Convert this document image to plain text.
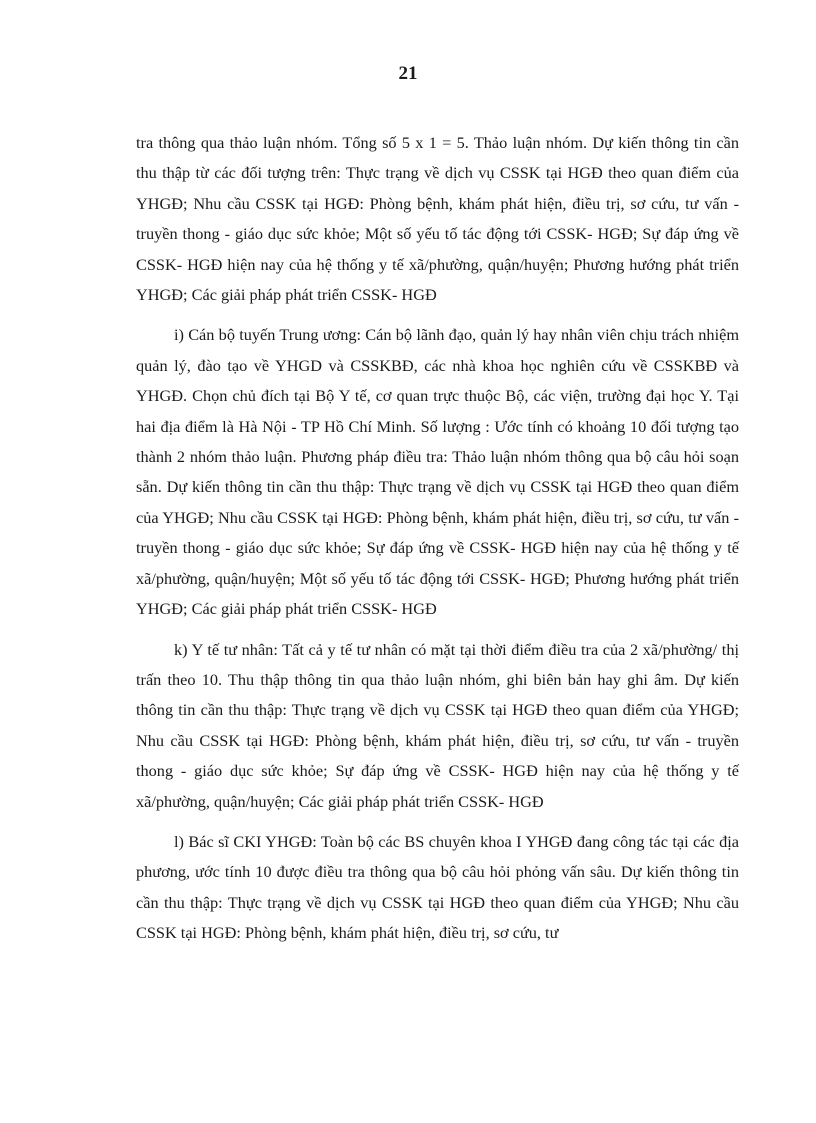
21

tra thông qua thảo luận nhóm. Tổng số 5 x 1 = 5. Thảo luận nhóm. Dự kiến thông tin cần thu thập từ các đối tượng trên: Thực trạng về dịch vụ CSSK tại HGĐ theo quan điểm của YHGĐ; Nhu cầu CSSK tại HGĐ: Phòng bệnh, khám phát hiện, điều trị, sơ cứu, tư vấn - truyền thong - giáo dục sức khỏe; Một số yếu tố tác động tới CSSK- HGĐ; Sự đáp ứng về CSSK- HGĐ hiện nay của hệ thống y tế xã/phường, quận/huyện; Phương hướng phát triển YHGĐ; Các giải pháp phát triển CSSK- HGĐ

i) Cán bộ tuyến Trung ương: Cán bộ lãnh đạo, quản lý hay nhân viên chịu trách nhiệm quản lý, đào tạo về YHGD và CSSKBĐ, các nhà khoa học nghiên cứu về CSSKBĐ và YHGĐ. Chọn chủ đích tại Bộ Y tế, cơ quan trực thuộc Bộ, các viện, trường đại học Y. Tại hai địa điểm là Hà Nội - TP Hồ Chí Minh. Số lượng : Ước tính có khoảng 10 đối tượng tạo thành 2 nhóm thảo luận. Phương pháp điều tra: Thảo luận nhóm thông qua bộ câu hỏi soạn sẵn. Dự kiến thông tin cần thu thập: Thực trạng về dịch vụ CSSK tại HGĐ theo quan điểm của YHGĐ; Nhu cầu CSSK tại HGĐ: Phòng bệnh, khám phát hiện, điều trị, sơ cứu, tư vấn - truyền thong - giáo dục sức khỏe; Sự đáp ứng về CSSK- HGĐ hiện nay của hệ thống y tế xã/phường, quận/huyện; Một số yếu tố tác động tới CSSK- HGĐ; Phương hướng phát triển YHGĐ; Các giải pháp phát triển CSSK- HGĐ

k) Y tế tư nhân: Tất cả y tế tư nhân có mặt tại thời điểm điều tra của 2 xã/phường/ thị trấn theo 10. Thu thập thông tin qua thảo luận nhóm, ghi biên bản hay ghi âm. Dự kiến thông tin cần thu thập: Thực trạng về dịch vụ CSSK tại HGĐ theo quan điểm của YHGĐ; Nhu cầu CSSK tại HGĐ: Phòng bệnh, khám phát hiện, điều trị, sơ cứu, tư vấn - truyền thong - giáo dục sức khỏe; Sự đáp ứng về CSSK- HGĐ hiện nay của hệ thống y tế xã/phường, quận/huyện; Các giải pháp phát triển CSSK- HGĐ

l) Bác sĩ CKI YHGĐ: Toàn bộ các BS chuyên khoa I YHGĐ đang công tác tại các địa phương, ước tính 10 được điều tra thông qua bộ câu hỏi phỏng vấn sâu. Dự kiến thông tin cần thu thập: Thực trạng về dịch vụ CSSK tại HGĐ theo quan điểm của YHGĐ; Nhu cầu CSSK tại HGĐ: Phòng bệnh, khám phát hiện, điều trị, sơ cứu, tư
